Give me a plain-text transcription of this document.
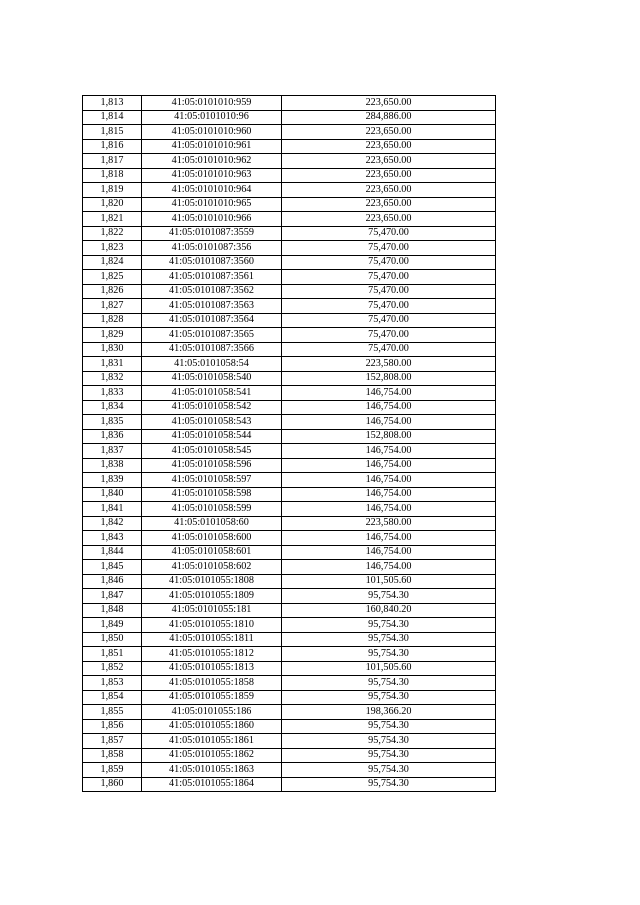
1,813	41:05:0101010:959	223,650.00
1,814	41:05:0101010:96	284,886.00
1,815	41:05:0101010:960	223,650.00
1,816	41:05:0101010:961	223,650.00
1,817	41:05:0101010:962	223,650.00
1,818	41:05:0101010:963	223,650.00
1,819	41:05:0101010:964	223,650.00
1,820	41:05:0101010:965	223,650.00
1,821	41:05:0101010:966	223,650.00
1,822	41:05:0101087:3559	75,470.00
1,823	41:05:0101087:356	75,470.00
1,824	41:05:0101087:3560	75,470.00
1,825	41:05:0101087:3561	75,470.00
1,826	41:05:0101087:3562	75,470.00
1,827	41:05:0101087:3563	75,470.00
1,828	41:05:0101087:3564	75,470.00
1,829	41:05:0101087:3565	75,470.00
1,830	41:05:0101087:3566	75,470.00
1,831	41:05:0101058:54	223,580.00
1,832	41:05:0101058:540	152,808.00
1,833	41:05:0101058:541	146,754.00
1,834	41:05:0101058:542	146,754.00
1,835	41:05:0101058:543	146,754.00
1,836	41:05:0101058:544	152,808.00
1,837	41:05:0101058:545	146,754.00
1,838	41:05:0101058:596	146,754.00
1,839	41:05:0101058:597	146,754.00
1,840	41:05:0101058:598	146,754.00
1,841	41:05:0101058:599	146,754.00
1,842	41:05:0101058:60	223,580.00
1,843	41:05:0101058:600	146,754.00
1,844	41:05:0101058:601	146,754.00
1,845	41:05:0101058:602	146,754.00
1,846	41:05:0101055:1808	101,505.60
1,847	41:05:0101055:1809	95,754.30
1,848	41:05:0101055:181	160,840.20
1,849	41:05:0101055:1810	95,754.30
1,850	41:05:0101055:1811	95,754.30
1,851	41:05:0101055:1812	95,754.30
1,852	41:05:0101055:1813	101,505.60
1,853	41:05:0101055:1858	95,754.30
1,854	41:05:0101055:1859	95,754.30
1,855	41:05:0101055:186	198,366.20
1,856	41:05:0101055:1860	95,754.30
1,857	41:05:0101055:1861	95,754.30
1,858	41:05:0101055:1862	95,754.30
1,859	41:05:0101055:1863	95,754.30
1,860	41:05:0101055:1864	95,754.30
